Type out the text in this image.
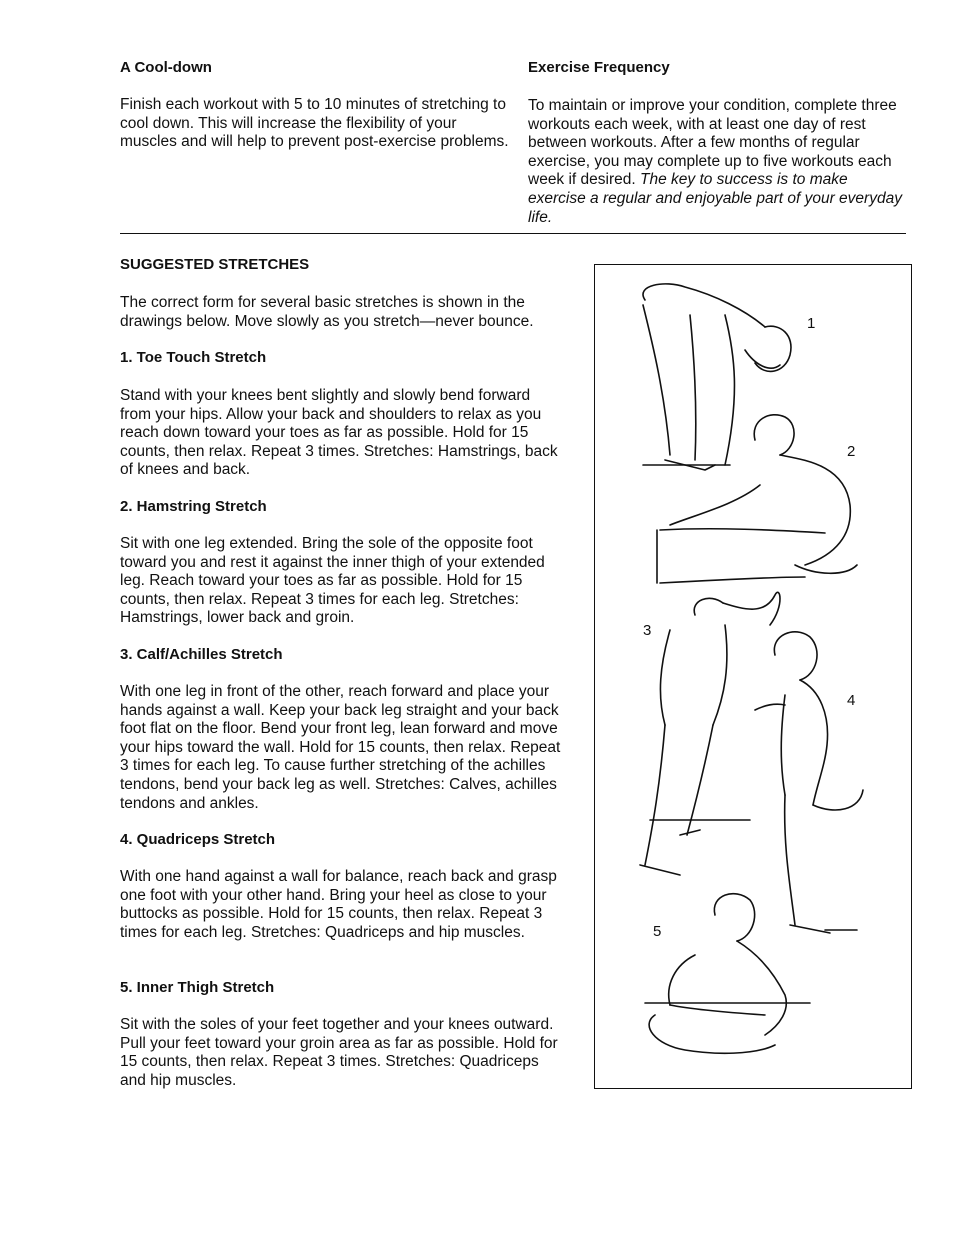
A Cool-down

Finish each workout with 5 to 10 minutes of stretching to cool down. This will increase the flexibility of your muscles and will help to prevent post-exercise problems.

Exercise Frequency

To maintain or improve your condition, complete three workouts each week, with at least one day of rest between workouts. After a few months of regular exercise, you may complete up to five workouts each week if desired. The key to success is to make exercise a regular and enjoyable part of your everyday life.

SUGGESTED STRETCHES

The correct form for several basic stretches is shown in the drawings below. Move slowly as you stretch—never bounce.

1. Toe Touch Stretch

Stand with your knees bent slightly and slowly bend forward from your hips. Allow your back and shoulders to relax as you reach down toward your toes as far as possible. Hold for 15 counts, then relax. Repeat 3 times. Stretches: Hamstrings, back of knees and back.

2. Hamstring Stretch

Sit with one leg extended. Bring the sole of the opposite foot toward you and rest it against the inner thigh of your extended leg. Reach toward your toes as far as possible. Hold for 15 counts, then relax. Repeat 3 times for each leg. Stretches: Hamstrings, lower back and groin.

3. Calf/Achilles Stretch

With one leg in front of the other, reach forward and place your hands against a wall. Keep your back leg straight and your back foot flat on the floor. Bend your front leg, lean forward and move your hips toward the wall. Hold for 15 counts, then relax. Repeat 3 times for each leg. To cause further stretching of the achilles tendons, bend your back leg as well. Stretches: Calves, achilles tendons and ankles.

4. Quadriceps Stretch

With one hand against a wall for balance, reach back and grasp one foot with your other hand. Bring your heel as close to your buttocks as possible. Hold for 15 counts, then relax. Repeat 3 times for each leg. Stretches: Quadriceps and hip muscles.

5. Inner Thigh Stretch

Sit with the soles of your feet together and your knees outward. Pull your feet toward your groin area as far as possible. Hold for 15 counts, then relax. Repeat 3 times. Stretches: Quadriceps and hip muscles.

1
2
3
4
5
